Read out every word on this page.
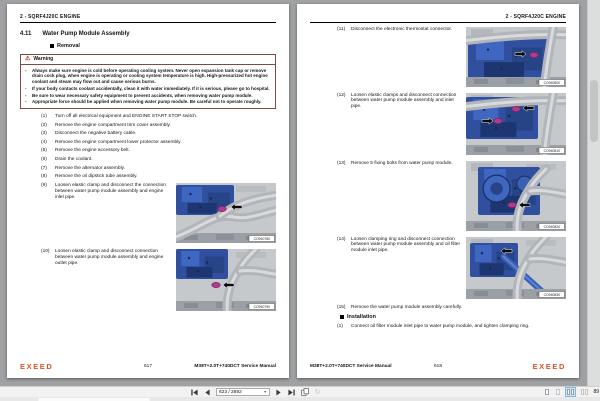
2 - SQRF4J20C ENGINE
4.11 Water Pump Module Assembly
Removal
⚠ Warning
-	Always make sure engine is cold before operating cooling system. Never open expansion tank cap or remove drain cock plug, when engine is operating or cooling system temperature is high. High-pressurized hot engine coolant and steam may flow out and cause serious burns.
-	If your body contacts coolant accidentally, clean it with water immediately. If it is serious, please go to hospital.
-	Be sure to wear necessary safety equipment to prevent accidents, when removing water pump module.
-	Appropriate force should be applied when removing water pump module. Be careful not to operate roughly.
(1)	Turn off all electrical equipment and ENGINE START STOP switch.
(2)	Remove the engine compartment trim cover assembly.
(3)	Disconnect the negative battery cable.
(4)	Remove the engine compartment lower protector assembly.
(5)	Remove the engine accessory belt.
(6)	Drain the coolant.
(7)	Remove the alternator assembly.
(8)	Remove the oil dipstick tube assembly.
(9)	Loosen elastic clamp and disconnect the connection between water pump module assembly and engine inlet pipe.
CO940780
(10)	Loosen elastic clamp and disconnect connection between water pump module assembly and engine outlet pipe.
CO940790
EXEED	617	M38T+2.0T+740DCT Service Manual
2 - SQRF4J20C ENGINE
(11)	Disconnect the electronic thermostat connector.
CO940800
(12)	Loosen elastic clamps and disconnect connection between water pump module assembly and inlet pipe.
CO940810
(13)	Remove 5 fixing bolts from water pump module.
CO940820
(14)	Loosen clamping ring and disconnect connection between water pump module assembly and oil filter module inlet pipe.
CO940830
(15)	Remove the water pump module assembly carefully.
Installation
(1)	Connect oil filter module inlet pipe to water pump module, and tighten clamping ring.
M38T+2.0T+740DCT Service Manual	618	EXEED
623 / 2692	▼	↻	89
